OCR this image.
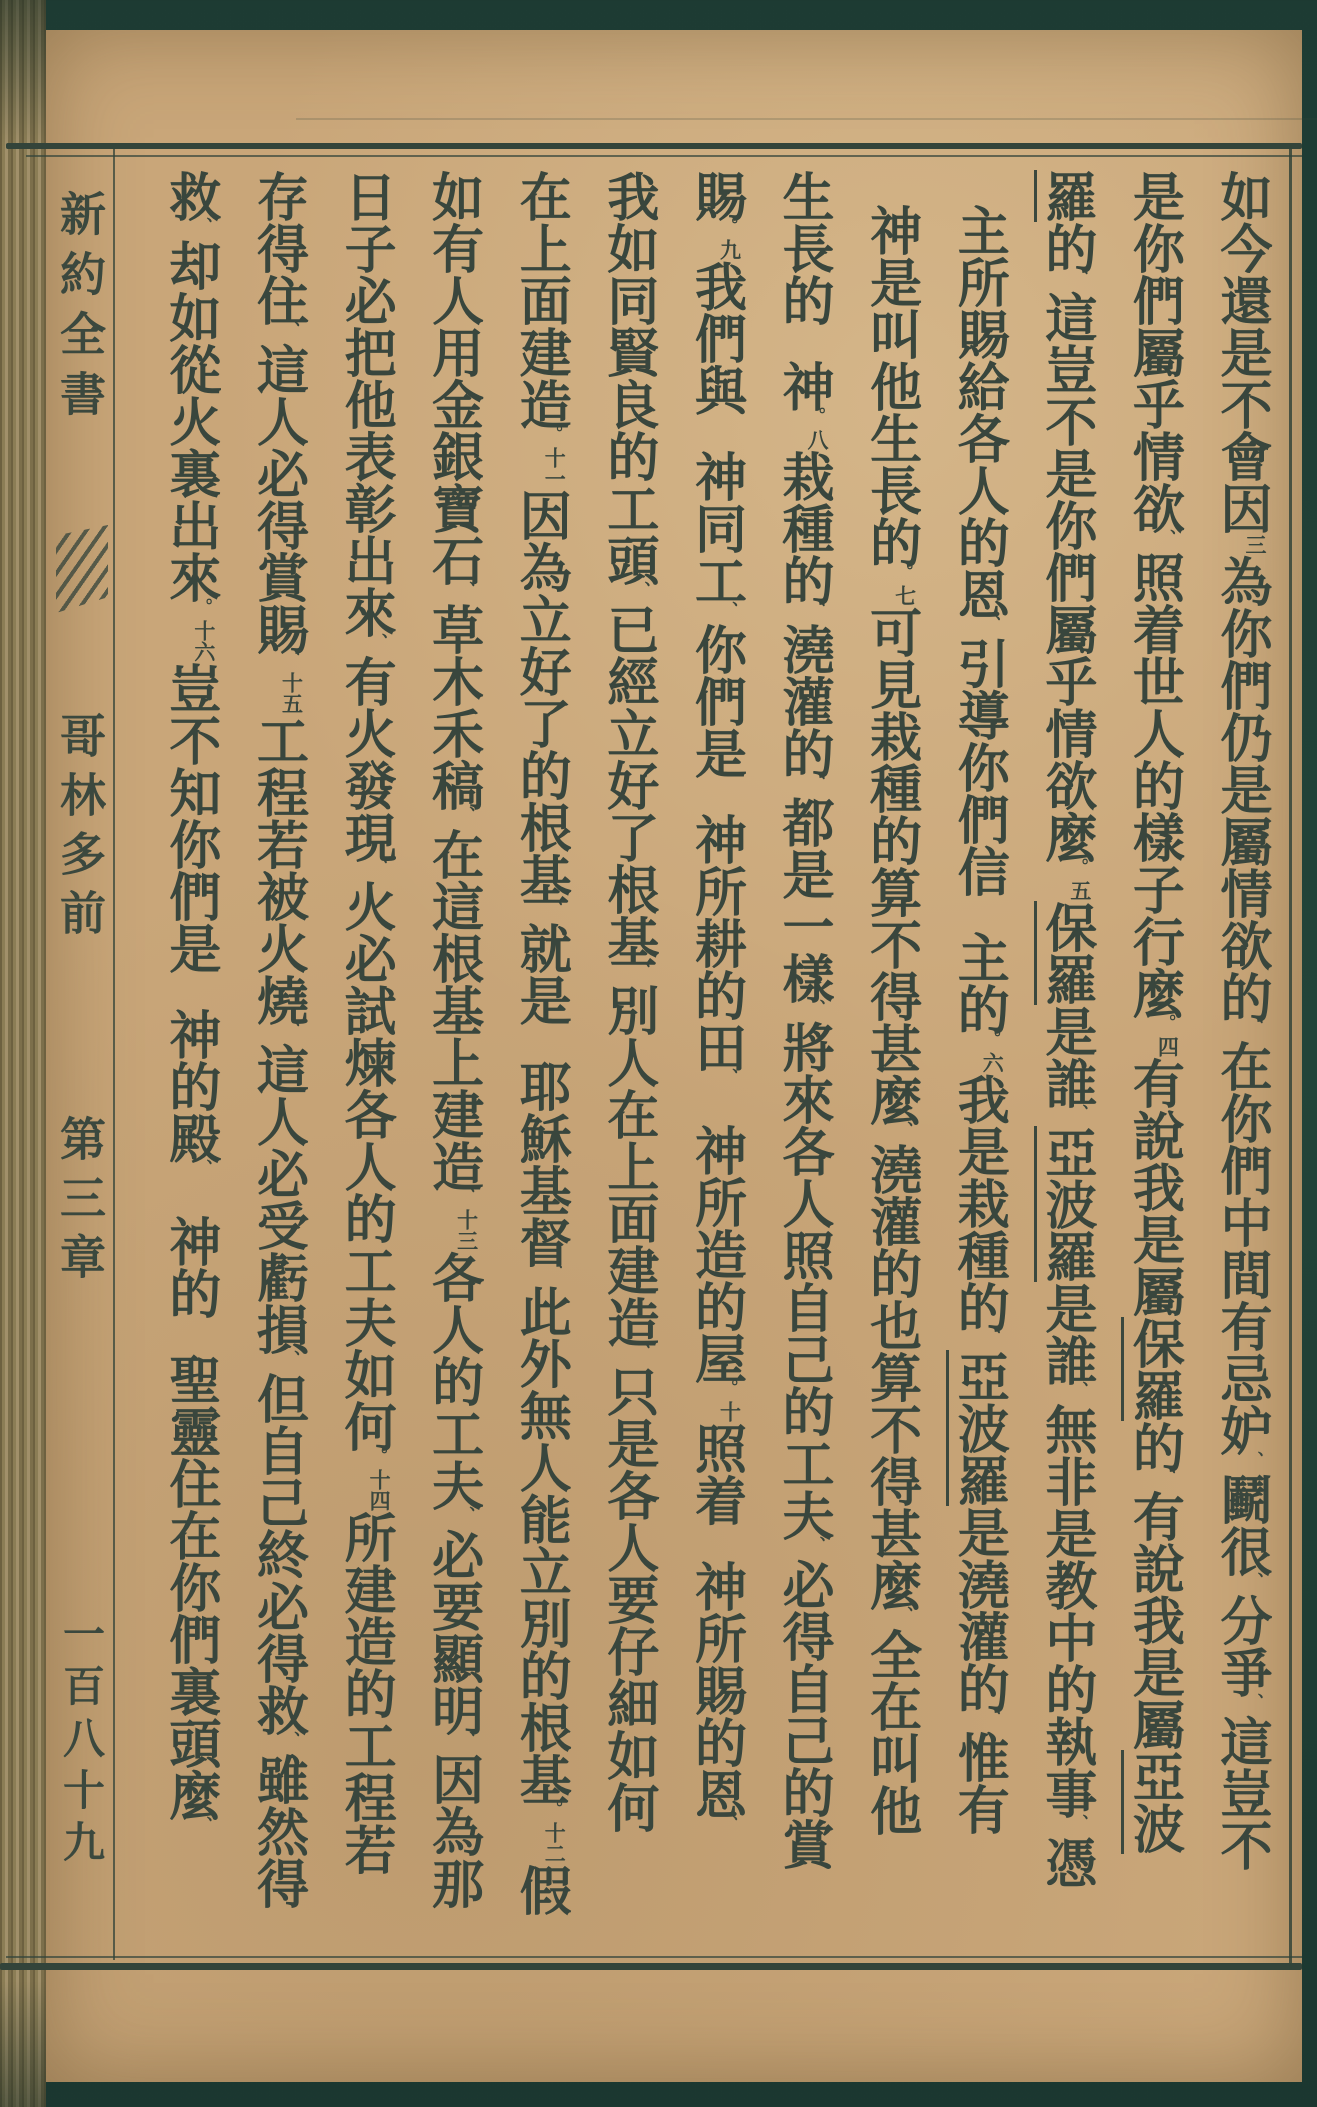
新約全書
哥林多前
第三章
一百八十九
如今還是不會因三為你們仍是屬情欲的、在你們中間有忌妒、鬬很、分爭、這豈不
是你們屬乎情欲、照着世人的樣子行麼。四有說我是屬保羅的、有說我是屬亞波
羅的、這豈不是你們屬乎情欲麼。五保羅是誰、亞波羅是誰、無非是教中的執事、憑
主所賜給各人的恩、引導你們信主的。六我是栽種的、亞波羅是澆灌的、惟有
神是叫他生長的。七可見栽種的算不得甚麼、澆灌的也算不得甚麼、全在叫他
生長的神。八栽種的、澆灌的、都是一樣、將來各人照自己的工夫、必得自己的賞
賜。九我們與神同工、你們是神所耕的田、神所造的屋。十照着神所賜的恩、
我如同賢良的工頭、已經立好了根基、別人在上面建造、只是各人要仔細如何
在上面建造。十一因為立好了的根基、就是耶穌基督、此外無人能立別的根基。十二假
如有人用金銀寶石、草木禾稿、在這根基上建造、十三各人的工夫、必要顯明、因為那
日子必把他表彰出來、有火發現、火必試煉各人的工夫如何。十四所建造的工程若
存得住、這人必得賞賜、十五工程若被火燒、這人必受虧損、但自己終必得救、雖然得
救、却如從火裏出來。十六豈不知你們是神的殿、神的聖靈住在你們裏頭麼、
